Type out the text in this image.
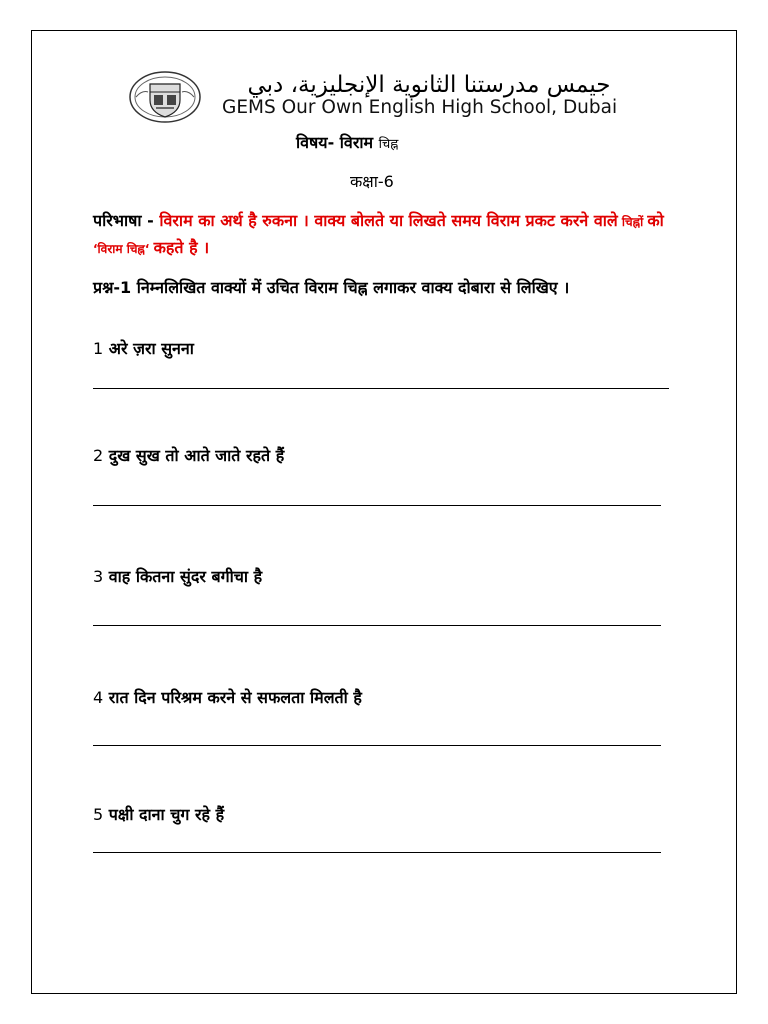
جيمس مدرستنا الثانوية الإنجليزية، دبي
GEMS Our Own English High School, Dubai
विषय- विराम चिह्न
कक्षा-6
परिभाषा - विराम का अर्थ है रुकना । वाक्य बोलते या लिखते समय विराम प्रकट करने वाले चिह्नों को ‘विराम चिह्न‘ कहते है ।
प्रश्न-1 निम्नलिखित वाक्यों में उचित विराम चिह्न लगाकर वाक्य दोबारा से लिखिए ।
1 अरे ज़रा सुनना
2 दुख सुख तो आते जाते रहते हैं
3 वाह कितना सुंदर बगीचा है
4 रात दिन परिश्रम करने से सफलता मिलती है
5 पक्षी दाना चुग रहे हैं
